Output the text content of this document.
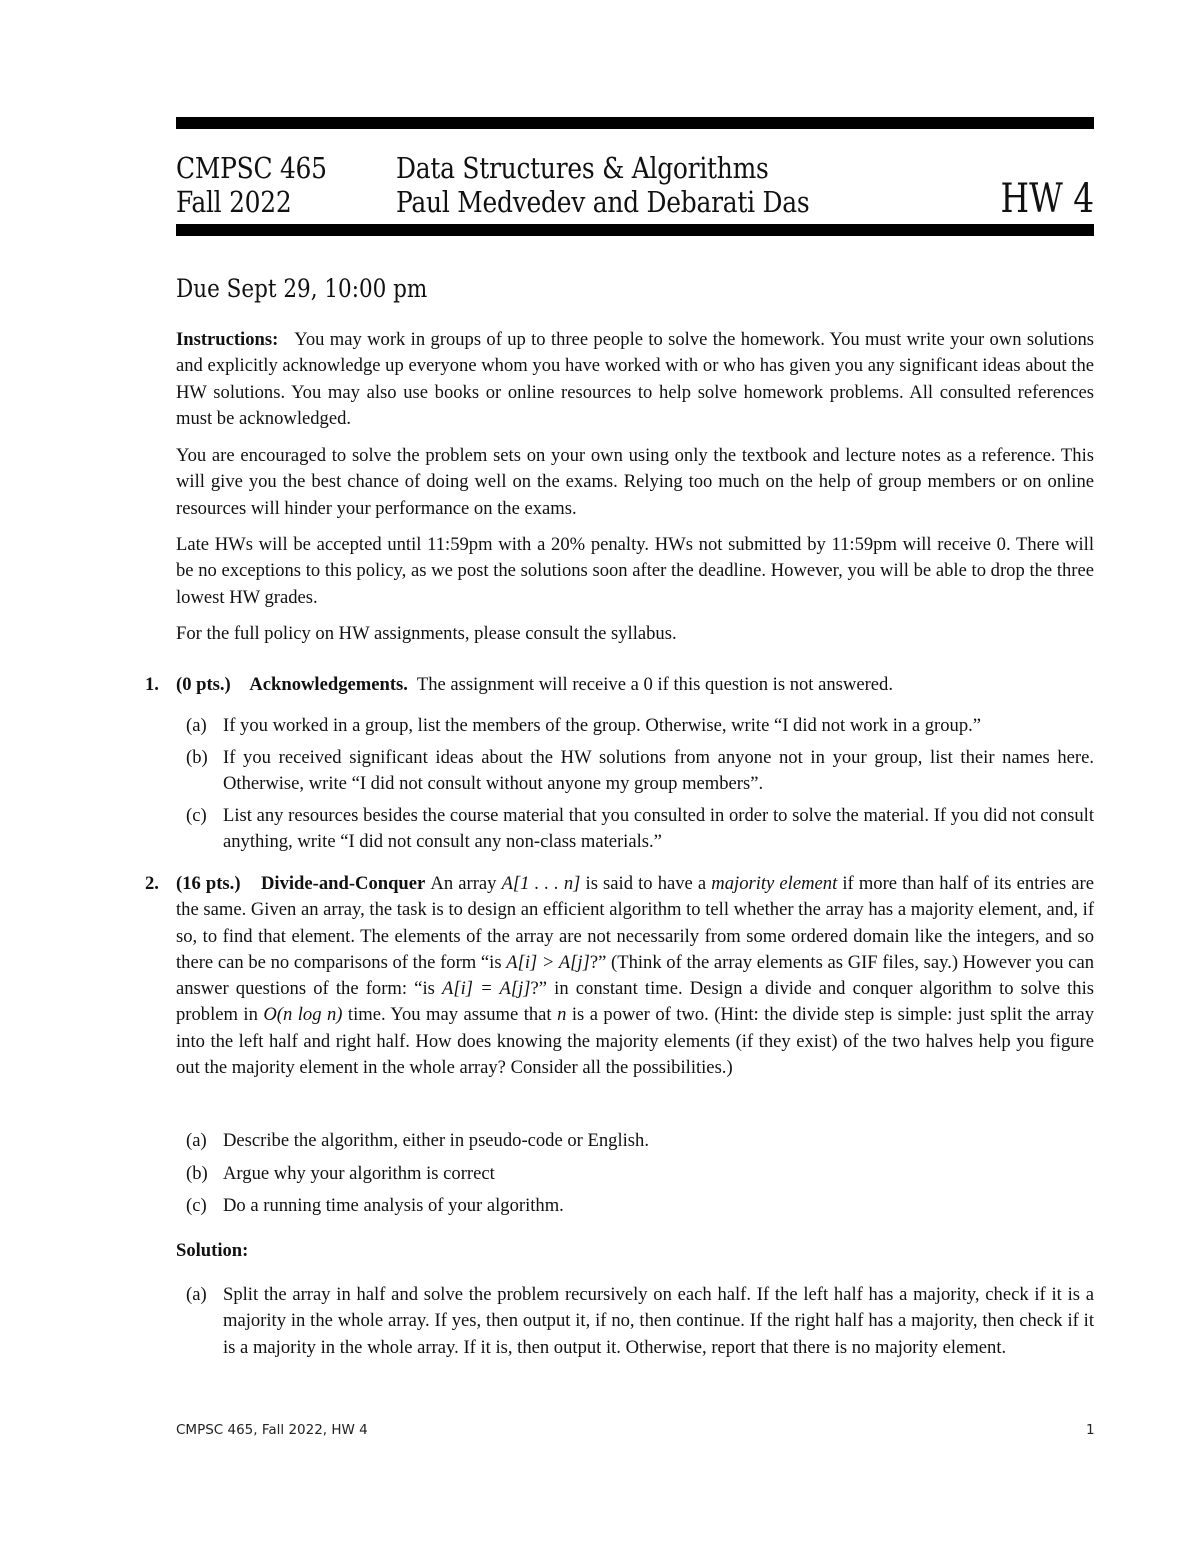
CMPSC 465
Fall 2022
Data Structures & Algorithms
Paul Medvedev and Debarati Das	HW 4
Due Sept 29, 10:00 pm

Instructions: You may work in groups of up to three people to solve the homework. You must write your own solutions and explicitly acknowledge up everyone whom you have worked with or who has given you any significant ideas about the HW solutions. You may also use books or online resources to help solve homework problems. All consulted references must be acknowledged.

You are encouraged to solve the problem sets on your own using only the textbook and lecture notes as a reference. This will give you the best chance of doing well on the exams. Relying too much on the help of group members or on online resources will hinder your performance on the exams.
Late HWs will be accepted until 11:59pm with a 20% penalty. HWs not submitted by 11:59pm will receive 0. There will be no exceptions to this policy, as we post the solutions soon after the deadline. However, you will be able to drop the three lowest HW grades.
For the full policy on HW assignments, please consult the syllabus.
1. (0 pts.) Acknowledgements. The assignment will receive a 0 if this question is not answered.
(a) If you worked in a group, list the members of the group. Otherwise, write “I did not work in a group.”
(b) If you received significant ideas about the HW solutions from anyone not in your group, list their names here. Otherwise, write “I did not consult without anyone my group members”.
(c) List any resources besides the course material that you consulted in order to solve the material. If you did not consult anything, write “I did not consult any non-class materials.”
2. (16 pts.) Divide-and-Conquer An array A[1 . . . n] is said to have a majority element if more than half of its entries are the same. Given an array, the task is to design an efficient algorithm to tell whether the array has a majority element, and, if so, to find that element. The elements of the array are not necessarily from some ordered domain like the integers, and so there can be no comparisons of the form “is A[i] > A[j]?” (Think of the array elements as GIF files, say.) However you can answer questions of the form: “is A[i] = A[j]?” in constant time. Design a divide and conquer algorithm to solve this problem in O(n log n) time. You may assume that n is a power of two. (Hint: the divide step is simple: just split the array into the left half and right half. How does knowing the majority elements (if they exist) of the two halves help you figure out the majority element in the whole array? Consider all the possibilities.)
(a) Describe the algorithm, either in pseudo-code or English.
(b) Argue why your algorithm is correct
(c) Do a running time analysis of your algorithm.
Solution:
(a) Split the array in half and solve the problem recursively on each half. If the left half has a majority, check if it is a majority in the whole array. If yes, then output it, if no, then continue. If the right half has a majority, then check if it is a majority in the whole array. If it is, then output it. Otherwise, report that there is no majority element.
CMPSC 465, Fall 2022, HW 4	1
